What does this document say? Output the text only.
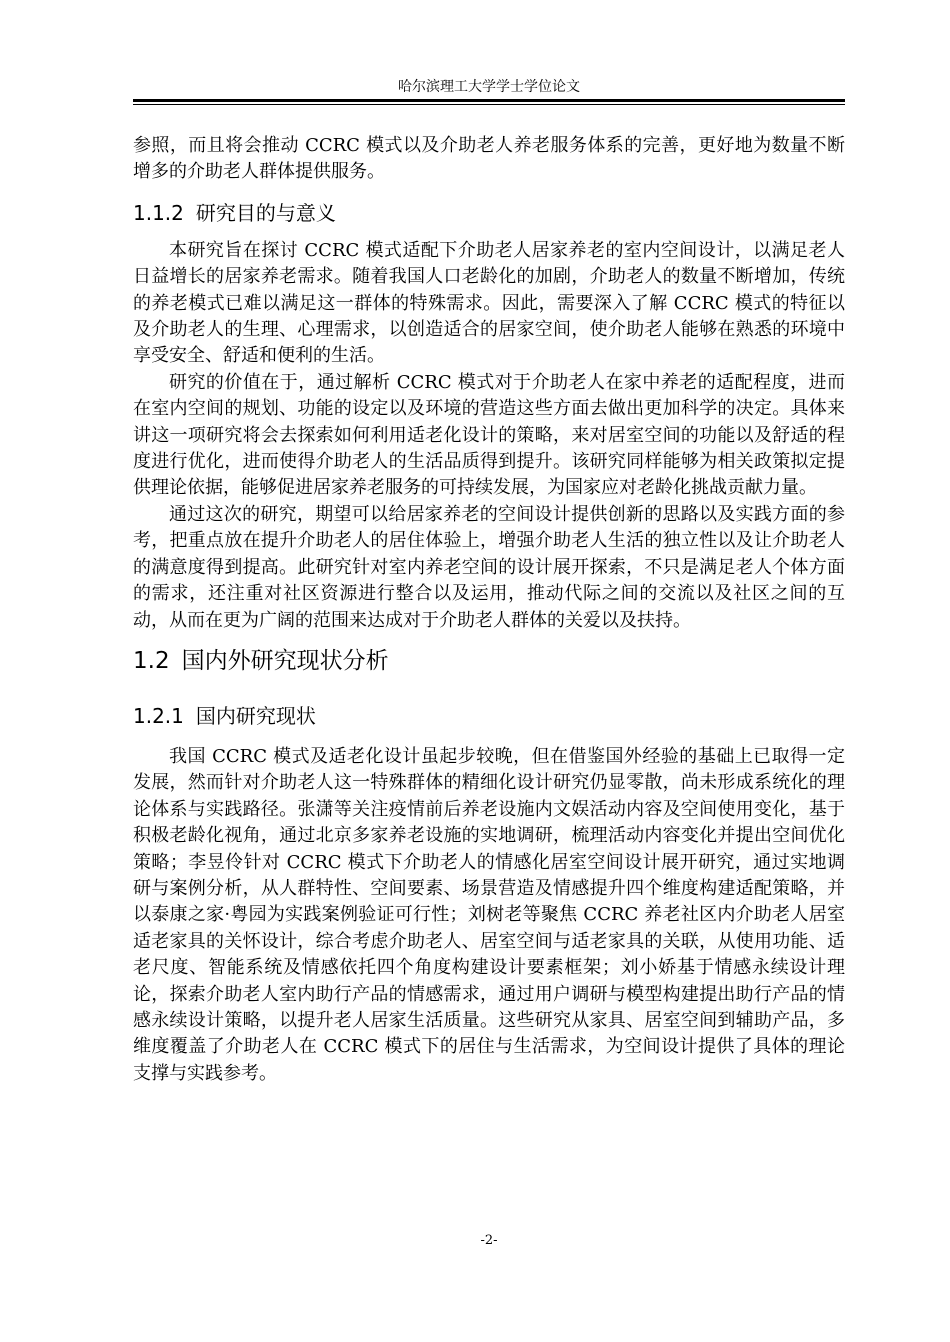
哈尔滨理工大学学士学位论文

参照，而且将会推动 CCRC 模式以及介助老人养老服务体系的完善，更好地为数量不断增多的介助老人群体提供服务。

1.1.2 研究目的与意义

本研究旨在探讨 CCRC 模式适配下介助老人居家养老的室内空间设计，以满足老人日益增长的居家养老需求。随着我国人口老龄化的加剧，介助老人的数量不断增加，传统的养老模式已难以满足这一群体的特殊需求。因此，需要深入了解 CCRC 模式的特征以及介助老人的生理、心理需求，以创造适合的居家空间，使介助老人能够在熟悉的环境中享受安全、舒适和便利的生活。

研究的价值在于，通过解析 CCRC 模式对于介助老人在家中养老的适配程度，进而在室内空间的规划、功能的设定以及环境的营造这些方面去做出更加科学的决定。具体来讲这一项研究将会去探索如何利用适老化设计的策略，来对居室空间的功能以及舒适的程度进行优化，进而使得介助老人的生活品质得到提升。该研究同样能够为相关政策拟定提供理论依据，能够促进居家养老服务的可持续发展，为国家应对老龄化挑战贡献力量。

通过这次的研究，期望可以给居家养老的空间设计提供创新的思路以及实践方面的参考，把重点放在提升介助老人的居住体验上，增强介助老人生活的独立性以及让介助老人的满意度得到提高。此研究针对室内养老空间的设计展开探索，不只是满足老人个体方面的需求，还注重对社区资源进行整合以及运用，推动代际之间的交流以及社区之间的互动，从而在更为广阔的范围来达成对于介助老人群体的关爱以及扶持。

1.2 国内外研究现状分析
1.2.1 国内研究现状

我国 CCRC 模式及适老化设计虽起步较晚，但在借鉴国外经验的基础上已取得一定发展，然而针对介助老人这一特殊群体的精细化设计研究仍显零散，尚未形成系统化的理论体系与实践路径。张潇等关注疫情前后养老设施内文娱活动内容及空间使用变化，基于积极老龄化视角，通过北京多家养老设施的实地调研，梳理活动内容变化并提出空间优化策略；李昱伶针对 CCRC 模式下介助老人的情感化居室空间设计展开研究，通过实地调研与案例分析，从人群特性、空间要素、场景营造及情感提升四个维度构建适配策略，并以泰康之家·粤园为实践案例验证可行性；刘树老等聚焦 CCRC 养老社区内介助老人居室适老家具的关怀设计，综合考虑介助老人、居室空间与适老家具的关联，从使用功能、适老尺度、智能系统及情感依托四个角度构建设计要素框架；刘小娇基于情感永续设计理论，探索介助老人室内助行产品的情感需求，通过用户调研与模型构建提出助行产品的情感永续设计策略，以提升老人居家生活质量。这些研究从家具、居室空间到辅助产品，多维度覆盖了介助老人在 CCRC 模式下的居住与生活需求，为空间设计提供了具体的理论支撑与实践参考。

-2-
